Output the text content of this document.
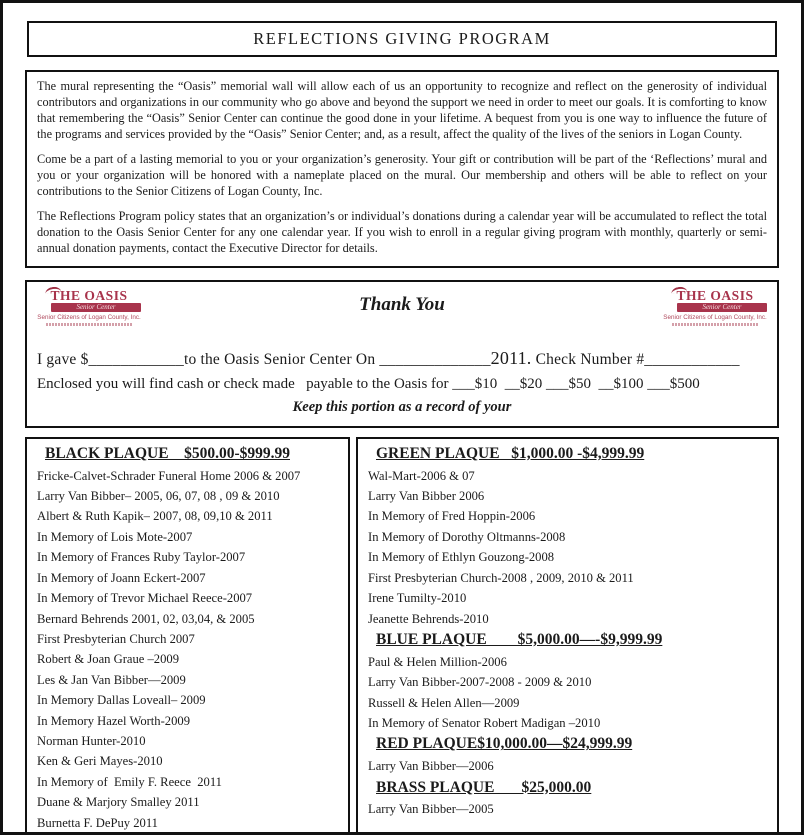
REFLECTIONS GIVING PROGRAM

The mural representing the “Oasis” memorial wall will allow each of us an opportunity to recognize and reflect on the generosity of individual contributors and organizations in our community who go above and beyond the support we need in order to meet our goals. It is comforting to know that remembering the “Oasis” Senior Center can continue the good done in your lifetime. A bequest from you is one way to influence the future of the programs and services provided by the “Oasis” Senior Center; and, as a result, affect the quality of the lives of the seniors in Logan County.

Come be a part of a lasting memorial to you or your organization’s generosity. Your gift or contribution will be part of the ‘Reflections’ mural and you or your organization will be honored with a nameplate placed on the mural. Our membership and others will be able to reflect on your contributions to the Senior Citizens of Logan County, Inc.

The Reflections Program policy states that an organization’s or individual’s donations during a calendar year will be accumulated to reflect the total donation to the Oasis Senior Center for any one calendar year. If you wish to enroll in a regular giving program with monthly, quarterly or semi-annual donation payments, contact the Executive Director for details.

THE OASIS
Senior Center
Senior Citizens of Logan County, Inc.
Thank You	THE OASIS
Senior Center
Senior Citizens of Logan County, Inc.
I gave $____________to the Oasis Senior Center On ______________2011. Check Number #____________
Enclosed you will find cash or check made   payable to the Oasis for ___$10  __$20 ___$50  __$100 ___$500
Keep this portion as a record of your
BLACK PLAQUE    $500.00-$999.99
Fricke-Calvet-Schrader Funeral Home 2006 & 2007
Larry Van Bibber– 2005, 06, 07, 08 , 09 & 2010
Albert & Ruth Kapik– 2007, 08, 09,10 & 2011
In Memory of Lois Mote-2007
In Memory of Frances Ruby Taylor-2007
In Memory of Joann Eckert-2007
In Memory of Trevor Michael Reece-2007
Bernard Behrends 2001, 02, 03,04, & 2005
First Presbyterian Church 2007
Robert & Joan Graue –2009
Les & Jan Van Bibber—2009
In Memory Dallas Loveall– 2009
In Memory Hazel Worth-2009
Norman Hunter-2010
Ken & Geri Mayes-2010
In Memory of  Emily F. Reece  2011
Duane & Marjory Smalley 2011
Burnetta F. DePuy 2011
GREEN PLAQUE   $1,000.00 -$4,999.99
Wal-Mart-2006 & 07
Larry Van Bibber 2006
In Memory of Fred Hoppin-2006
In Memory of Dorothy Oltmanns-2008
In Memory of Ethlyn Gouzong-2008
First Presbyterian Church-2008 , 2009, 2010 & 2011
Irene Tumilty-2010
Jeanette Behrends-2010
BLUE PLAQUE        $5,000.00—-$9,999.99
Paul & Helen Million-2006
Larry Van Bibber-2007-2008 - 2009 & 2010
Russell & Helen Allen—2009
In Memory of Senator Robert Madigan –2010
RED PLAQUE$10,000.00—$24,999.99
Larry Van Bibber—2006
BRASS PLAQUE       $25,000.00
Larry Van Bibber—2005
